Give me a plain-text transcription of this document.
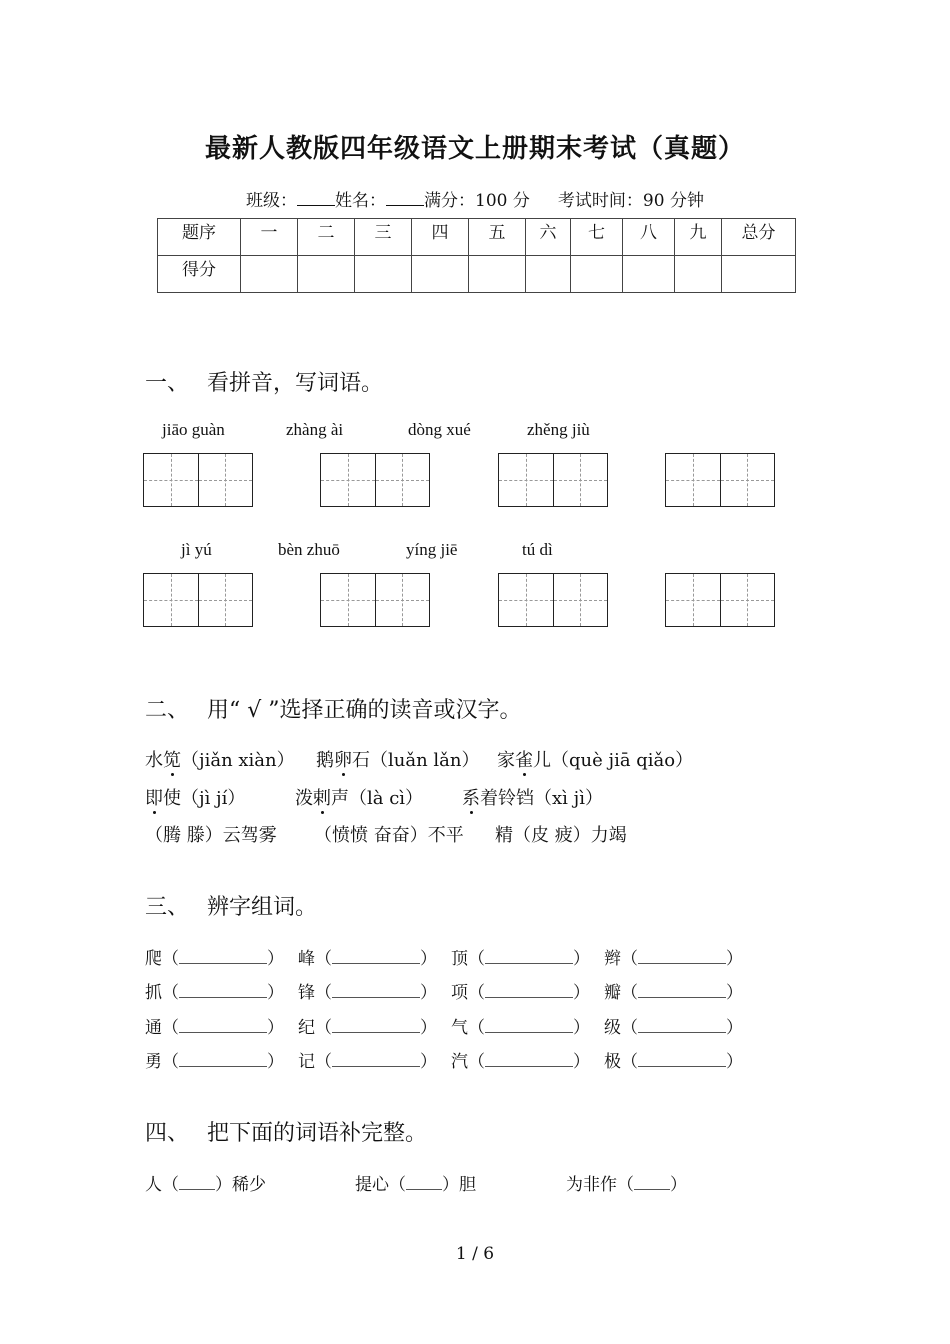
最新人教版四年级语文上册期末考试（真题）
班级： 姓名： 满分：100 分 考试时间：90 分钟
题序	一	二	三	四	五	六	七	八	九	总分
得分										
一、 看拼音，写词语。
jiāo guàn	zhàng ài	dòng xué	zhěng jiù
jì yú	bèn zhuō	yíng jiē	tú dì
二、 用“ √ ”选择正确的读音或汉字。
水笕（jiǎn xiàn） 鹅卵石（luǎn lǎn） 家雀儿（què jiā qiǎo）
即使（jì jí）	泼剌声（là cì） 系着铃铛（xì jì）
（腾 滕）云驾雾 （愤愤 奋奋）不平 精（皮 疲）力竭
三、 辨字组词。
爬（	） 峰（	） 顶（	） 辫（	）
抓（	） 锋（	） 项（	） 瓣（	）
通（	） 纪（	） 气（	） 级（	）
勇（	） 记（	） 汽（	） 极（	）
四、 把下面的词语补完整。
人（ ）稀少	提心（ ）胆	为非作（ ）
1 / 6
